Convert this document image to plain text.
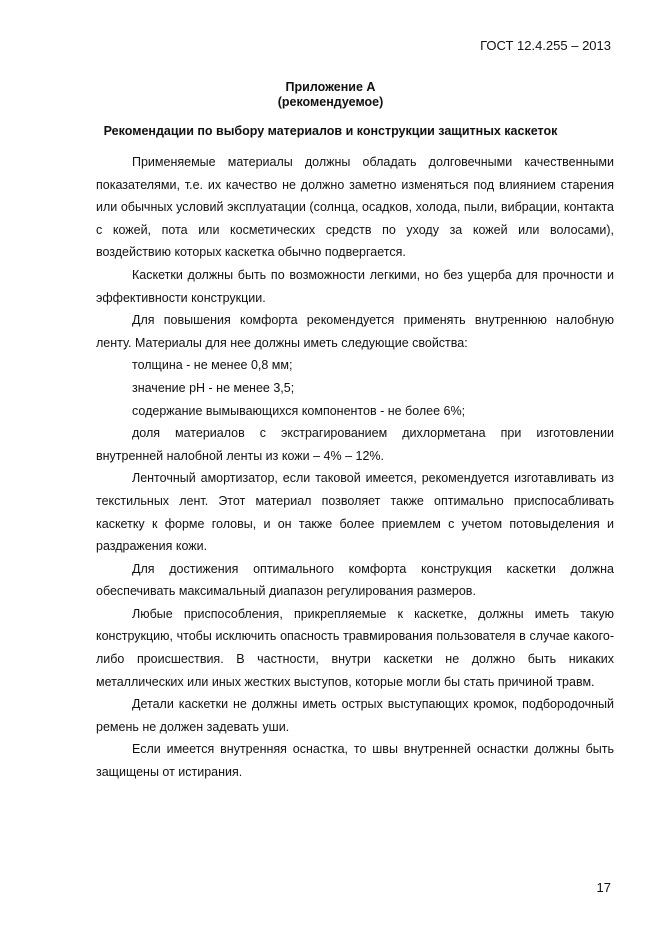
ГОСТ 12.4.255 – 2013
Приложение А
(рекомендуемое)
Рекомендации по выбору материалов и конструкции защитных каскеток

Применяемые материалы должны обладать долговечными качественными показателями, т.е. их качество не должно заметно изменяться под влиянием старения или обычных условий эксплуатации (солнца, осадков, холода, пыли, вибрации, контакта с кожей, пота или косметических средств по уходу за кожей или волосами), воздействию которых каскетка обычно подвергается.

Каскетки должны быть по возможности легкими, но без ущерба для прочности и эффективности конструкции.

Для повышения комфорта рекомендуется применять внутреннюю налобную ленту. Материалы для нее должны иметь следующие свойства:

толщина - не менее 0,8 мм;

значение рН - не менее 3,5;

содержание вымывающихся компонентов - не более 6%;

доля материалов с экстрагированием дихлорметана при изготовлении внутренней налобной ленты из кожи – 4% – 12%.

Ленточный амортизатор, если таковой имеется, рекомендуется изготавливать из текстильных лент. Этот материал позволяет также оптимально приспосабливать каскетку к форме головы, и он также более приемлем с учетом потовыделения и раздражения кожи.

Для достижения оптимального комфорта конструкция каскетки должна обеспечивать максимальный диапазон регулирования размеров.

Любые приспособления, прикрепляемые к каскетке, должны иметь такую конструкцию, чтобы исключить опасность травмирования пользователя в случае какого-либо происшествия. В частности, внутри каскетки не должно быть никаких металлических или иных жестких выступов, которые могли бы стать причиной травм.

Детали каскетки не должны иметь острых выступающих кромок, подбородочный ремень не должен задевать уши.

Если имеется внутренняя оснастка, то швы внутренней оснастки должны быть защищены от истирания.

17
